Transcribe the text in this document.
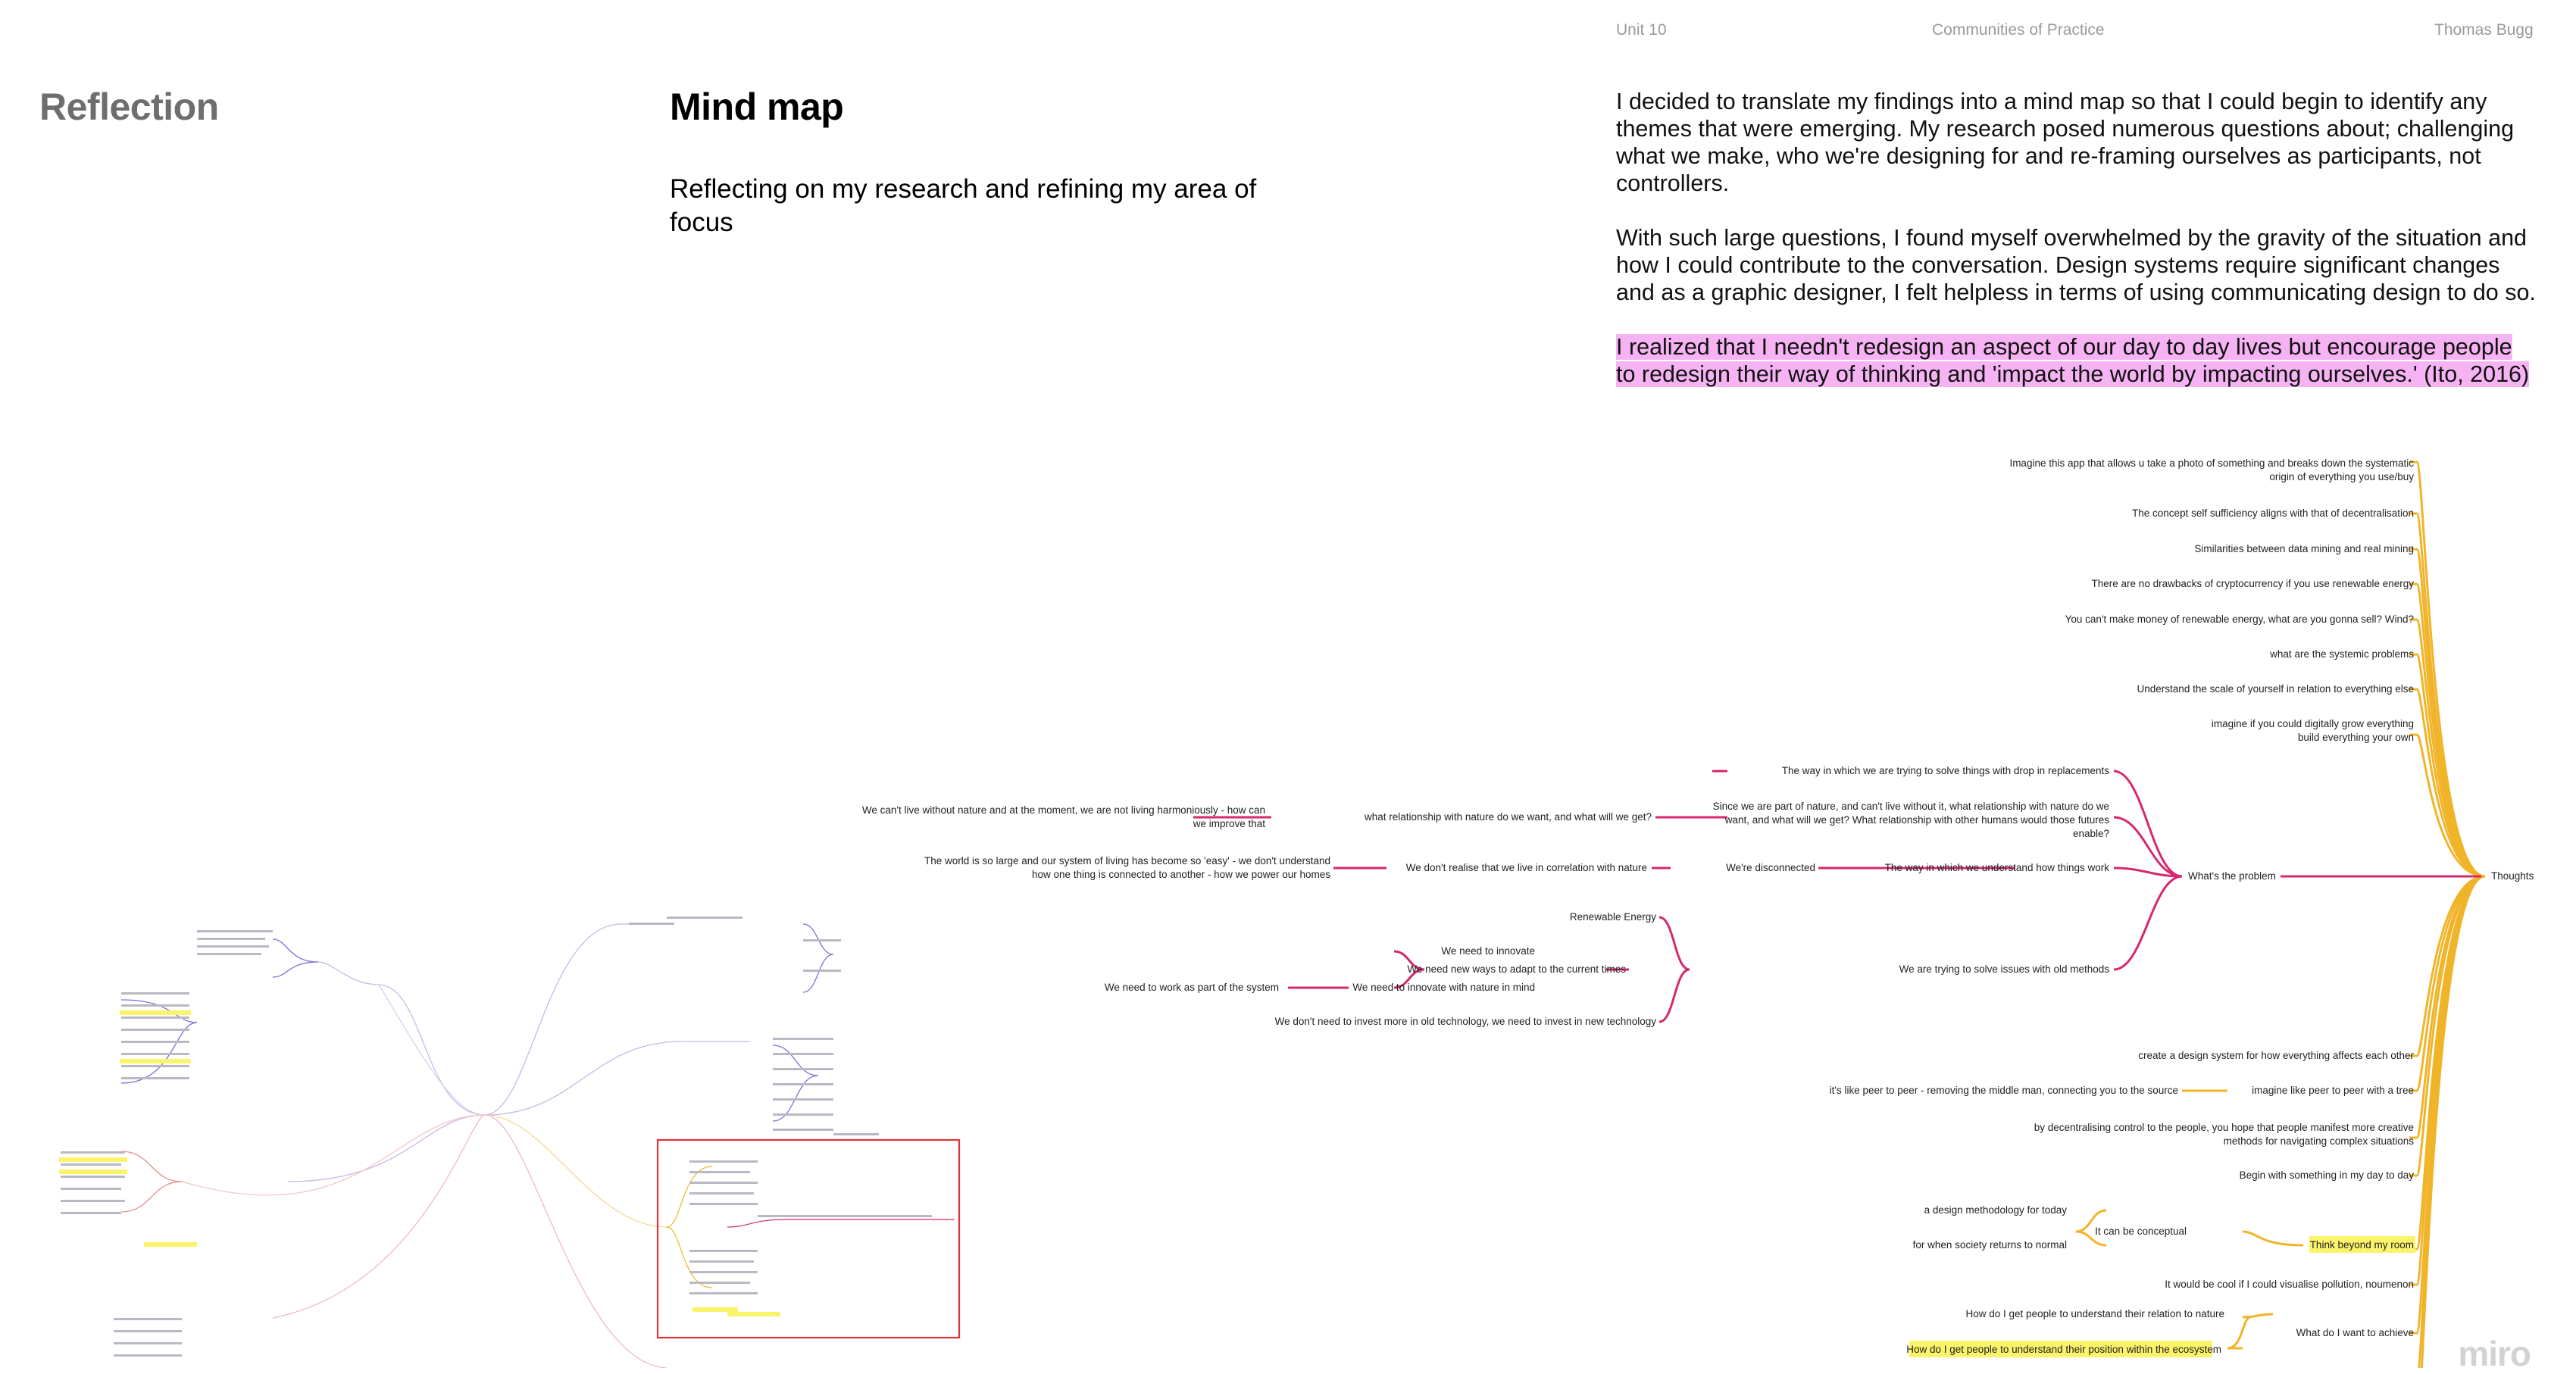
Unit 10	Communities of Practice	Thomas Bugg
Reflection	Mind map
Reflecting on my research and refining my area of focus

I decided to translate my findings into a mind map so that I could begin to identify any themes that were emerging. My research posed numerous questions about; challenging what we make, who we're designing for and re-framing ourselves as participants, not controllers.

With such large questions, I found myself overwhelmed by the gravity of the situation and how I could contribute to the conversation. Design systems require significant changes and as a graphic designer, I felt helpless in terms of using communicating design to do so.

I realized that I needn't redesign an aspect of our day to day lives but encourage people to redesign their way of thinking and 'impact the world by impacting ourselves.' (Ito, 2016)

Imagine this app that allows u take a photo of something and breaks down the systematic
origin of everything you use/buy
The concept self sufficiency aligns with that of decentralisation
Similarities between data mining and real mining
There are no drawbacks of cryptocurrency if you use renewable energy
You can't make money of renewable energy, what are you gonna sell? Wind?
what are the systemic problems
Understand the scale of yourself in relation to everything else
imagine if you could digitally grow everything
build everything your own
The way in which we are trying to solve things with drop in replacements
Since we are part of nature, and can't live without it, what relationship with nature do we
want, and what will we get? What relationship with other humans would those futures
enable?
The way in which we understand how things work
We're disconnected
We don't realise that we live in correlation with nature
The world is so large and our system of living has become so 'easy' - we don't understand
how one thing is connected to another - how we power our homes
what relationship with nature do we want, and what will we get?
We can't live without nature and at the moment, we are not living harmoniously - how can
we improve that
We are trying to solve issues with old methods
Renewable Energy
We need new ways to adapt to the current times
We need to innovate
We need to innovate with nature in mind
We need to work as part of the system
We don't need to invest more in old technology, we need to invest in new technology
create a design system for how everything affects each other
it's like peer to peer - removing the middle man, connecting you to the source	imagine like peer to peer with a tree
by decentralising control to the people, you hope that people manifest more creative
methods for navigating complex situations
Begin with something in my day to day
a design methodology for today
for when society returns to normal
It can be conceptual
Think beyond my room
It would be cool if I could visualise pollution, noumenon
How do I get people to understand their relation to nature
What do I want to achieve
How do I get people to understand their position within the ecosystem
Thoughts
What's the problem
miro
